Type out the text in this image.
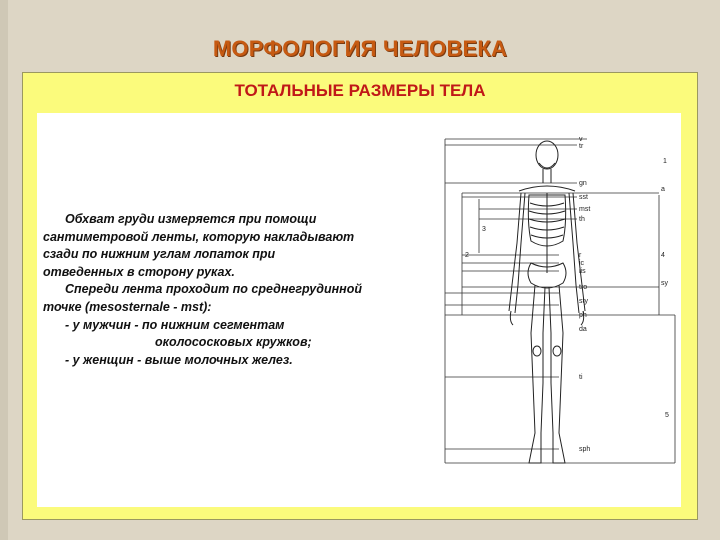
МОРФОЛОГИЯ ЧЕЛОВЕКА
ТОТАЛЬНЫЕ РАЗМЕРЫ ТЕЛА

Обхват груди измеряется при помощи

сантиметровой ленты, которую накладывают

сзади по нижним углам лопаток при

отведенных в сторону руках.

Спереди лента проходит по среднегрудинной

точке (mesosternale - mst):

- у мужчин - по нижним сегментам

околососковых кружков;

- у женщин - выше молочных желез.

v
tr
gn
sst
mst
th
r
ic
iis
tro
sty
ph
da
ti
sph
a
sy
1
2
3
4
5
